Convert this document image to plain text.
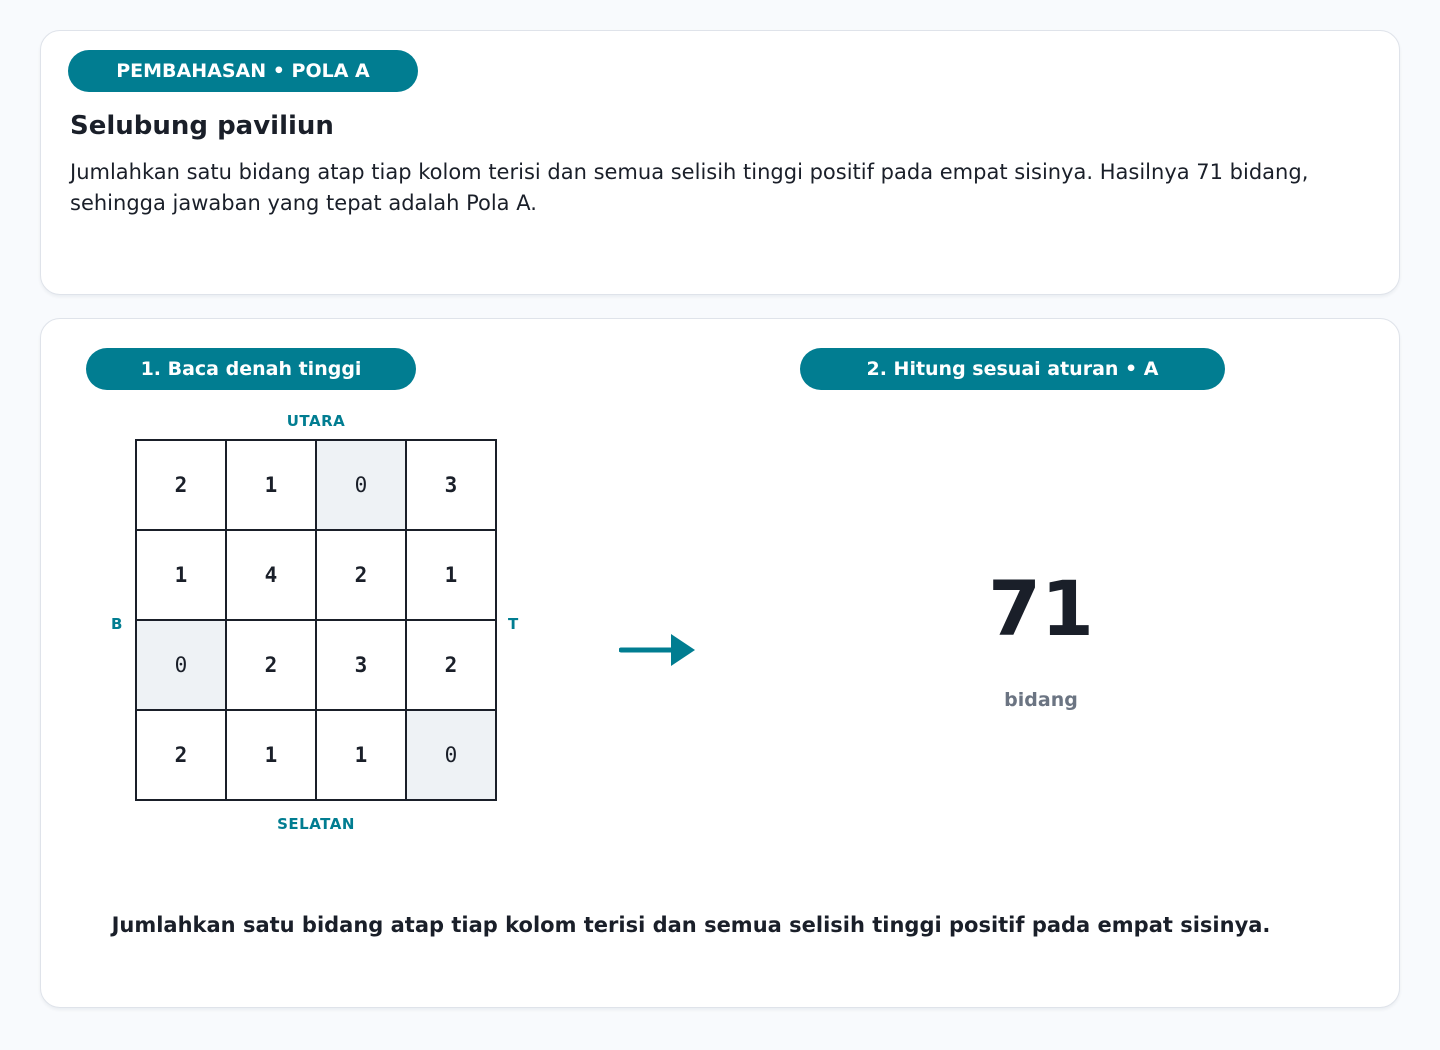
PEMBAHASAN • POLA A
Selubung paviliun
Jumlahkan satu bidang atap tiap kolom terisi dan semua selisih tinggi positif pada empat sisinya. Hasilnya 71 bidang, sehingga jawaban yang tepat adalah Pola A.
1. Baca denah tinggi	2. Hitung sesuai aturan • A
UTARA
SELATAN
B	T
2	1	0	3
1	4	2	1
0	2	3	2
2	1	1	0
71
bidang
Jumlahkan satu bidang atap tiap kolom terisi dan semua selisih tinggi positif pada empat sisinya.
